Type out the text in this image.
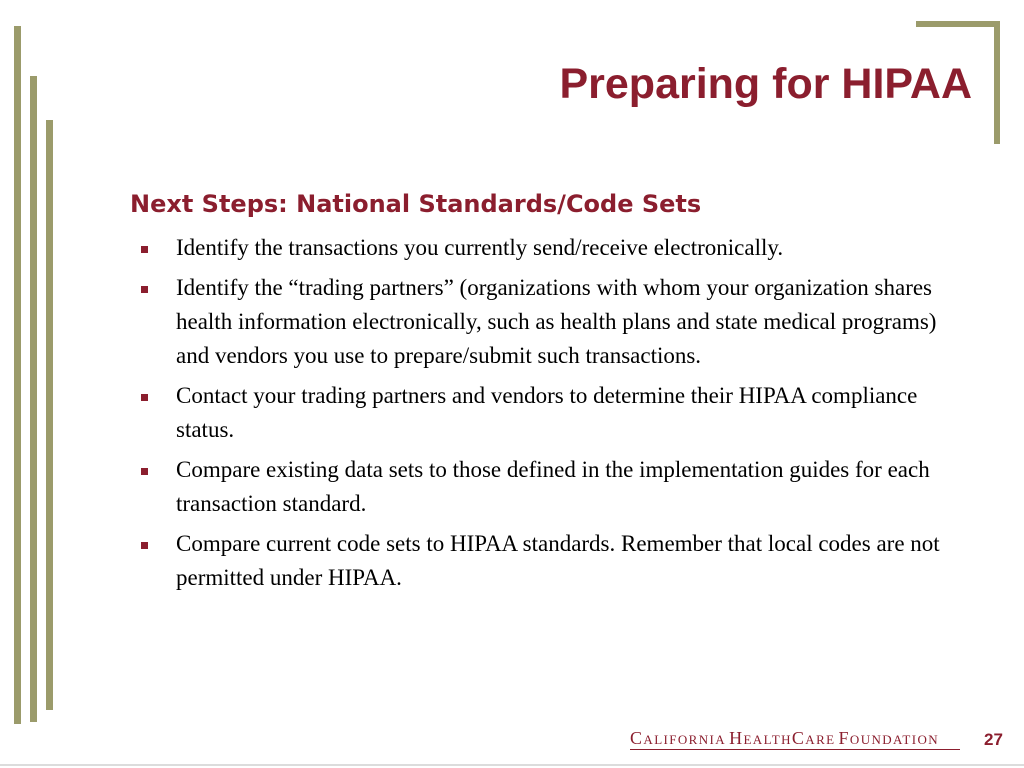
Preparing for HIPAA
Next Steps: National Standards/Code Sets
Identify the transactions you currently send/receive electronically.
Identify the “trading partners” (organizations with whom your organization shares health information electronically, such as health plans and state medical programs) and vendors you use to prepare/submit such transactions.
Contact your trading partners and vendors to determine their HIPAA compliance status.
Compare existing data sets to those defined in the implementation guides for each transaction standard.
Compare current code sets to HIPAA standards. Remember that local codes are not permitted under HIPAA.
CALIFORNIA HEALTHCARE FOUNDATION	27
